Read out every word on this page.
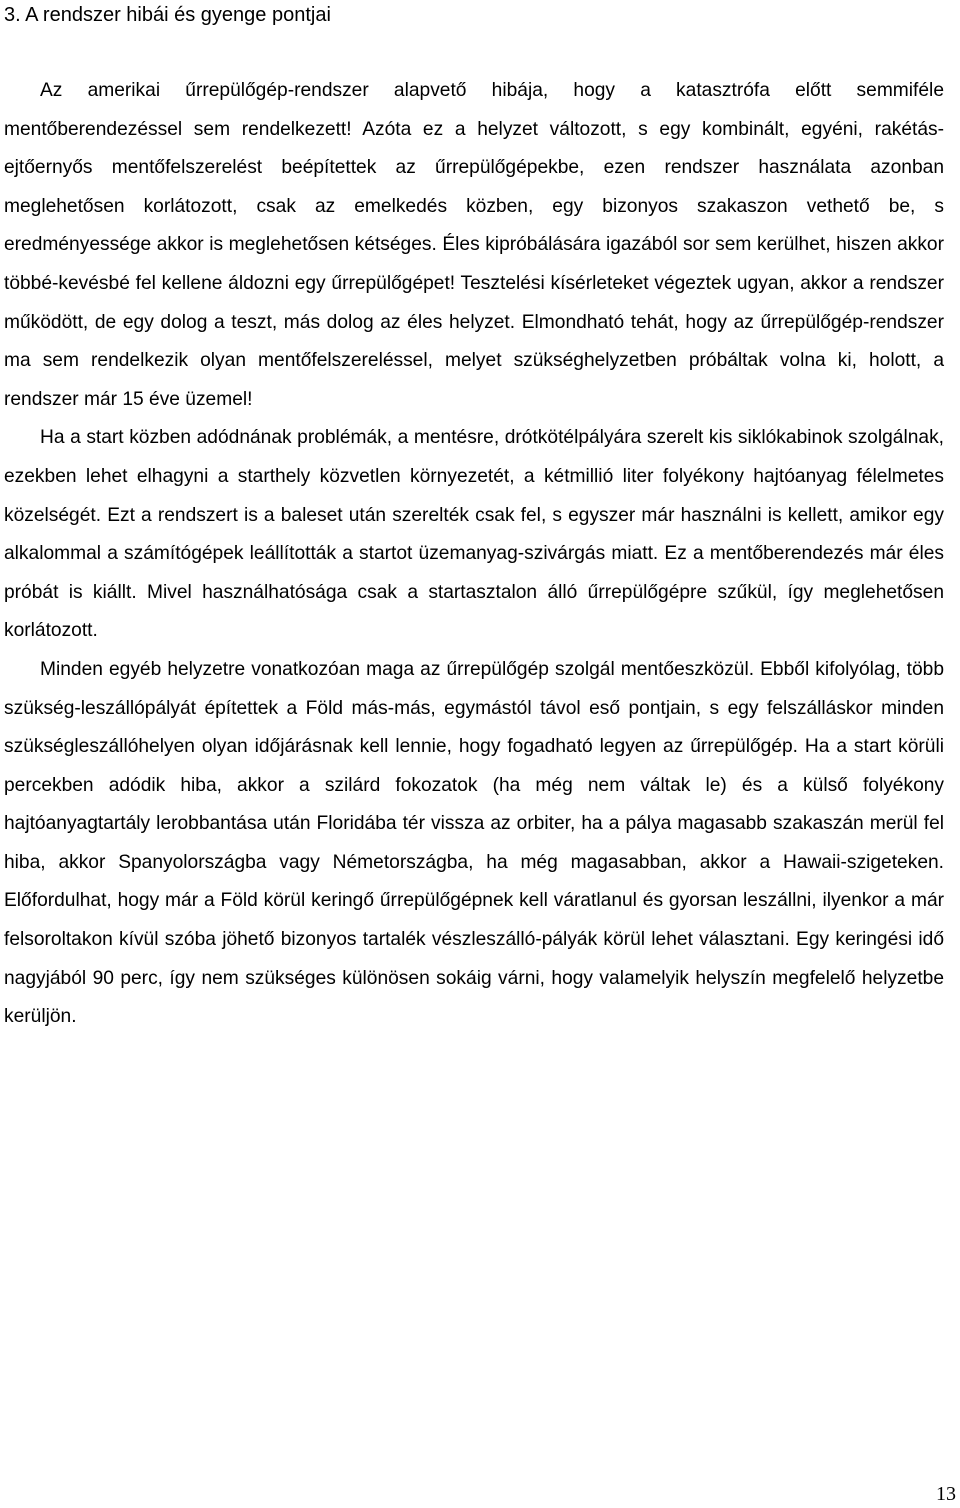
3. A rendszer hibái és gyenge pontjai

Az amerikai űrrepülőgép-rendszer alapvető hibája, hogy a katasztrófa előtt semmiféle mentőberendezéssel sem rendelkezett! Azóta ez a helyzet változott, s egy kombinált, egyéni, rakétás-ejtőernyős mentőfelszerelést beépítettek az űrrepülőgépekbe, ezen rendszer használata azonban meglehetősen korlátozott, csak az emelkedés közben, egy bizonyos szakaszon vethető be, s eredményessége akkor is meglehetősen kétséges. Éles kipróbálására igazából sor sem kerülhet, hiszen akkor többé-kevésbé fel kellene áldozni egy űrrepülőgépet! Tesztelési kísérleteket végeztek ugyan, akkor a rendszer működött, de egy dolog a teszt, más dolog az éles helyzet. Elmondható tehát, hogy az űrrepülőgép-rendszer ma sem rendelkezik olyan mentőfelszereléssel, melyet szükséghelyzetben próbáltak volna ki, holott, a rendszer már 15 éve üzemel!

Ha a start közben adódnának problémák, a mentésre, drótkötélpályára szerelt kis siklókabinok szolgálnak, ezekben lehet elhagyni a starthely közvetlen környezetét, a kétmillió liter folyékony hajtóanyag félelmetes közelségét. Ezt a rendszert is a baleset után szerelték csak fel, s egyszer már használni is kellett, amikor egy alkalommal a számítógépek leállították a startot üzemanyag-szivárgás miatt. Ez a mentőberendezés már éles próbát is kiállt. Mivel használhatósága csak a startasztalon álló űrrepülőgépre szűkül, így meglehetősen korlátozott.

Minden egyéb helyzetre vonatkozóan maga az űrrepülőgép szolgál mentőeszközül. Ebből kifolyólag, több szükség-leszállópályát építettek a Föld más-más, egymástól távol eső pontjain, s egy felszálláskor minden szükségleszállóhelyen olyan időjárásnak kell lennie, hogy fogadható legyen az űrrepülőgép. Ha a start körüli percekben adódik hiba, akkor a szilárd fokozatok (ha még nem váltak le) és a külső folyékony hajtóanyagtartály lerobbantása után Floridába tér vissza az orbiter, ha a pálya magasabb szakaszán merül fel hiba, akkor Spanyolországba vagy Németországba, ha még magasabban, akkor a Hawaii-szigeteken. Előfordulhat, hogy már a Föld körül keringő űrrepülőgépnek kell váratlanul és gyorsan leszállni, ilyenkor a már felsoroltakon kívül szóba jöhető bizonyos tartalék vészleszálló-pályák körül lehet választani. Egy keringési idő nagyjából 90 perc, így nem szükséges különösen sokáig várni, hogy valamelyik helyszín megfelelő helyzetbe kerüljön.

13
